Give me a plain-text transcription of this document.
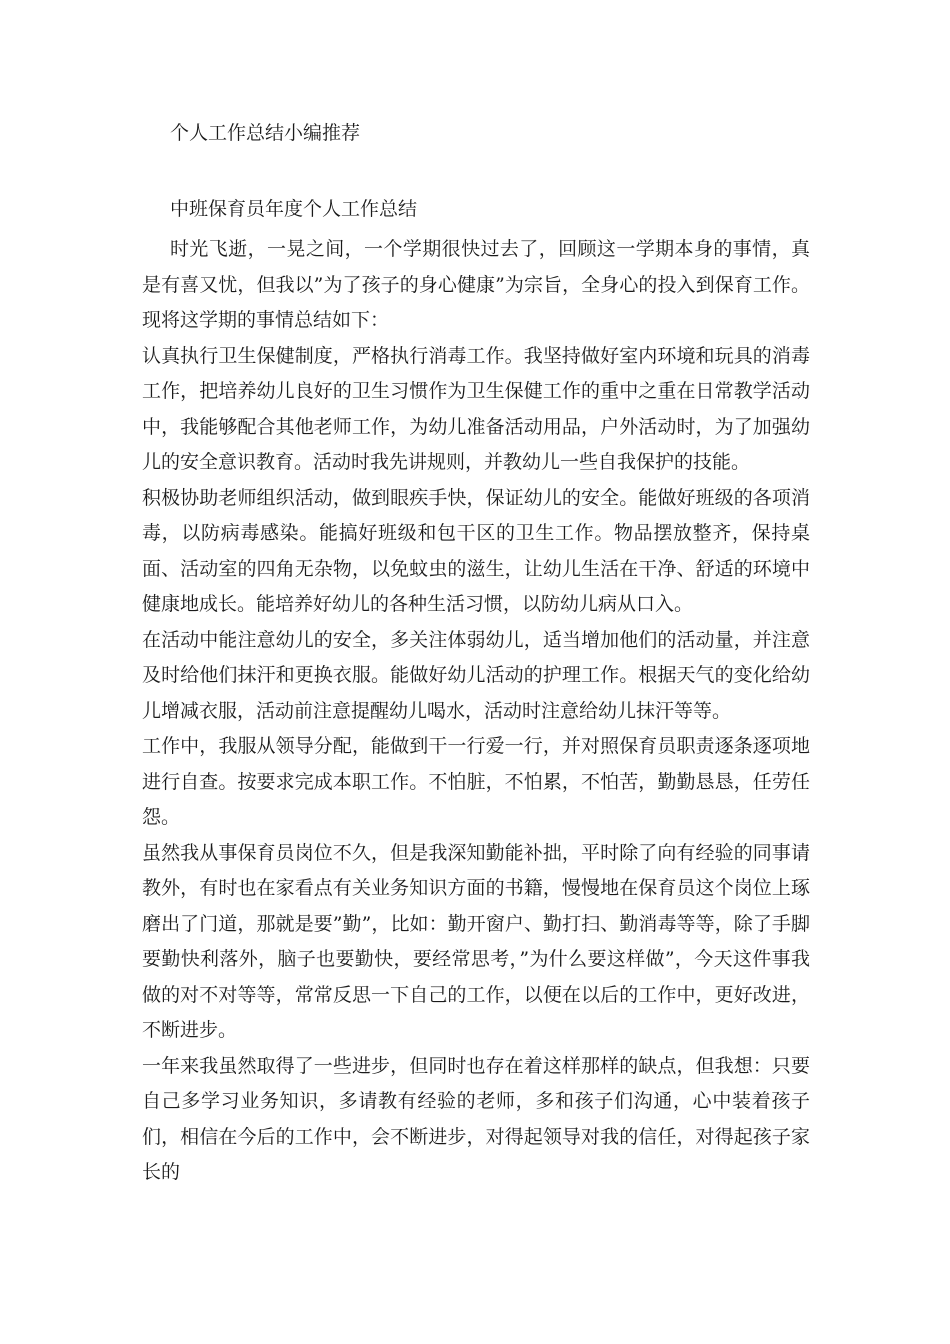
个人工作总结小编推荐
中班保育员年度个人工作总结

时光飞逝，一晃之间，一个学期很快过去了，回顾这一学期本身的事情，真是有喜又忧，但我以”为了孩子的身心健康”为宗旨，全身心的投入到保育工作。现将这学期的事情总结如下：

认真执行卫生保健制度，严格执行消毒工作。我坚持做好室内环境和玩具的消毒工作，把培养幼儿良好的卫生习惯作为卫生保健工作的重中之重在日常教学活动中，我能够配合其他老师工作，为幼儿准备活动用品，户外活动时，为了加强幼儿的安全意识教育。活动时我先讲规则，并教幼儿一些自我保护的技能。

积极协助老师组织活动，做到眼疾手快，保证幼儿的安全。能做好班级的各项消毒，以防病毒感染。能搞好班级和包干区的卫生工作。物品摆放整齐，保持桌面、活动室的四角无杂物，以免蚊虫的滋生，让幼儿生活在干净、舒适的环境中健康地成长。能培养好幼儿的各种生活习惯，以防幼儿病从口入。

在活动中能注意幼儿的安全，多关注体弱幼儿，适当增加他们的活动量，并注意及时给他们抹汗和更换衣服。能做好幼儿活动的护理工作。根据天气的变化给幼儿增减衣服，活动前注意提醒幼儿喝水，活动时注意给幼儿抹汗等等。

工作中，我服从领导分配，能做到干一行爱一行，并对照保育员职责逐条逐项地进行自查。按要求完成本职工作。不怕脏，不怕累，不怕苦，勤勤恳恳，任劳任怨。

虽然我从事保育员岗位不久，但是我深知勤能补拙，平时除了向有经验的同事请教外，有时也在家看点有关业务知识方面的书籍，慢慢地在保育员这个岗位上琢磨出了门道，那就是要”勤”，比如：勤开窗户、勤打扫、勤消毒等等，除了手脚要勤快利落外，脑子也要勤快，要经常思考，”为什么要这样做”，今天这件事我做的对不对等等，常常反思一下自己的工作，以便在以后的工作中，更好改进，不断进步。

一年来我虽然取得了一些进步，但同时也存在着这样那样的缺点，但我想：只要自己多学习业务知识，多请教有经验的老师，多和孩子们沟通，心中装着孩子们，相信在今后的工作中，会不断进步，对得起领导对我的信任，对得起孩子家长的
